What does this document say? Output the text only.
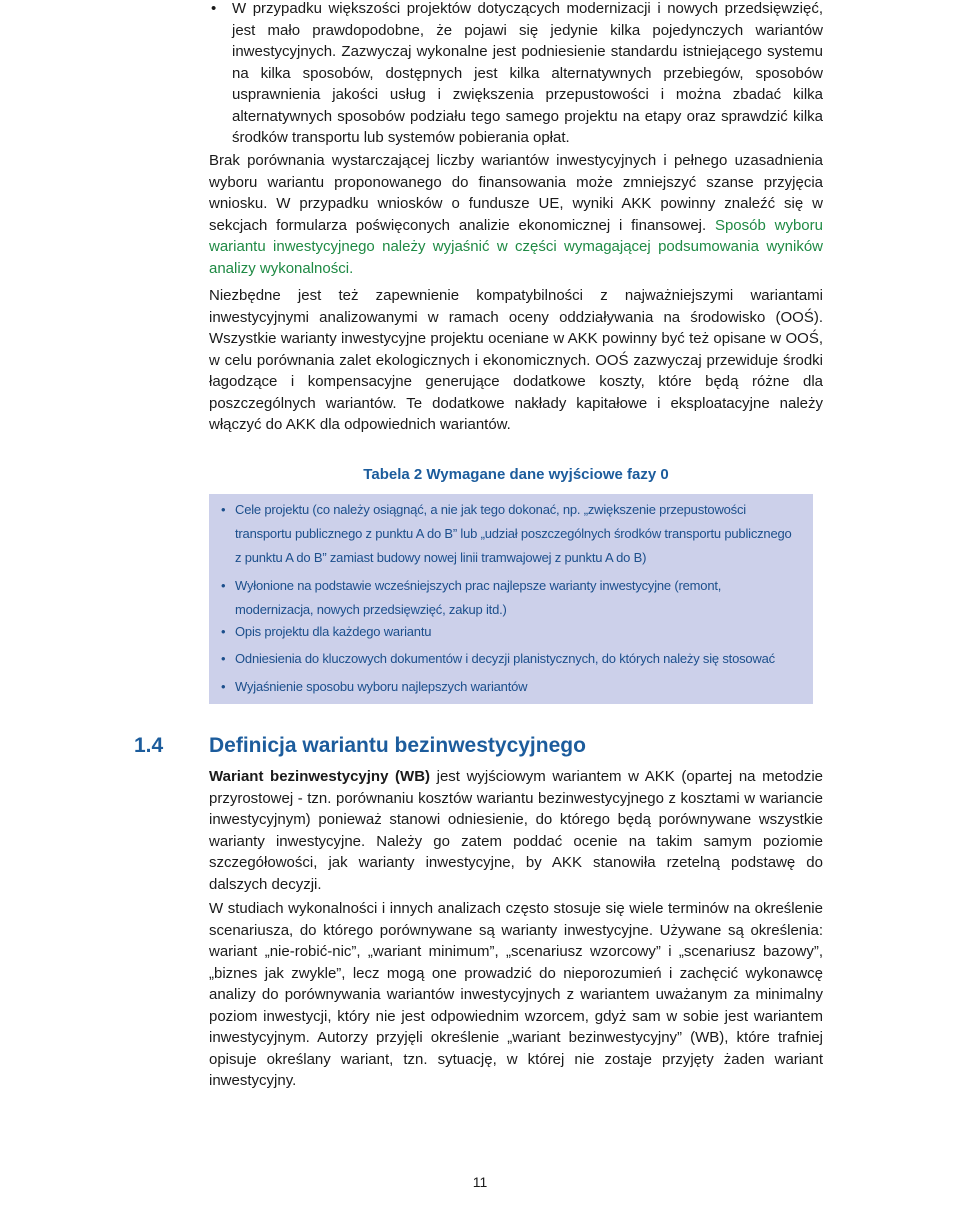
• W przypadku większości projektów dotyczących modernizacji i nowych przedsięwzięć, jest mało prawdopodobne, że pojawi się jedynie kilka pojedynczych wariantów inwestycyjnych. Zazwyczaj wykonalne jest podniesienie standardu istniejącego systemu na kilka sposobów, dostępnych jest kilka alternatywnych przebiegów, sposobów usprawnienia jakości usług i zwiększenia przepustowości i można zbadać kilka alternatywnych sposobów podziału tego samego projektu na etapy oraz sprawdzić kilka środków transportu lub systemów pobierania opłat.

Brak porównania wystarczającej liczby wariantów inwestycyjnych i pełnego uzasadnienia wyboru wariantu proponowanego do finansowania może zmniejszyć szanse przyjęcia wniosku. W przypadku wniosków o fundusze UE, wyniki AKK powinny znaleźć się w sekcjach formularza poświęconych analizie ekonomicznej i finansowej. Sposób wyboru wariantu inwestycyjnego należy wyjaśnić w części wymagającej podsumowania wyników analizy wykonalności.

Niezbędne jest też zapewnienie kompatybilności z najważniejszymi wariantami inwestycyjnymi analizowanymi w ramach oceny oddziaływania na środowisko (OOŚ). Wszystkie warianty inwestycyjne projektu oceniane w AKK powinny być też opisane w OOŚ, w celu porównania zalet ekologicznych i ekonomicznych. OOŚ zazwyczaj przewiduje środki łagodzące i kompensacyjne generujące dodatkowe koszty, które będą różne dla poszczególnych wariantów. Te dodatkowe nakłady kapitałowe i eksploatacyjne należy włączyć do AKK dla odpowiednich wariantów.

Tabela 2 Wymagane dane wyjściowe fazy 0
• Cele projektu (co należy osiągnąć, a nie jak tego dokonać, np. „zwiększenie przepustowości transportu publicznego z punktu A do B” lub „udział poszczególnych środków transportu publicznego z punktu A do B” zamiast budowy nowej linii tramwajowej z punktu A do B)
• Wyłonione na podstawie wcześniejszych prac najlepsze warianty inwestycyjne (remont, modernizacja, nowych przedsięwzięć, zakup itd.)
• Opis projektu dla każdego wariantu
• Odniesienia do kluczowych dokumentów i decyzji planistycznych, do których należy się stosować
• Wyjaśnienie sposobu wyboru najlepszych wariantów
1.4 Definicja wariantu bezinwestycyjnego

Wariant bezinwestycyjny (WB) jest wyjściowym wariantem w AKK (opartej na metodzie przyrostowej - tzn. porównaniu kosztów wariantu bezinwestycyjnego z kosztami w wariancie inwestycyjnym) ponieważ stanowi odniesienie, do którego będą porównywane wszystkie warianty inwestycyjne. Należy go zatem poddać ocenie na takim samym poziomie szczegółowości, jak warianty inwestycyjne, by AKK stanowiła rzetelną podstawę do dalszych decyzji.

W studiach wykonalności i innych analizach często stosuje się wiele terminów na określenie scenariusza, do którego porównywane są warianty inwestycyjne. Używane są określenia: wariant „nie-robić-nic”, „wariant minimum”, „scenariusz wzorcowy” i „scenariusz bazowy”, „biznes jak zwykle”, lecz mogą one prowadzić do nieporozumień i zachęcić wykonawcę analizy do porównywania wariantów inwestycyjnych z wariantem uważanym za minimalny poziom inwestycji, który nie jest odpowiednim wzorcem, gdyż sam w sobie jest wariantem inwestycyjnym. Autorzy przyjęli określenie „wariant bezinwestycyjny” (WB), które trafniej opisuje określany wariant, tzn. sytuację, w której nie zostaje przyjęty żaden wariant inwestycyjny.

11
